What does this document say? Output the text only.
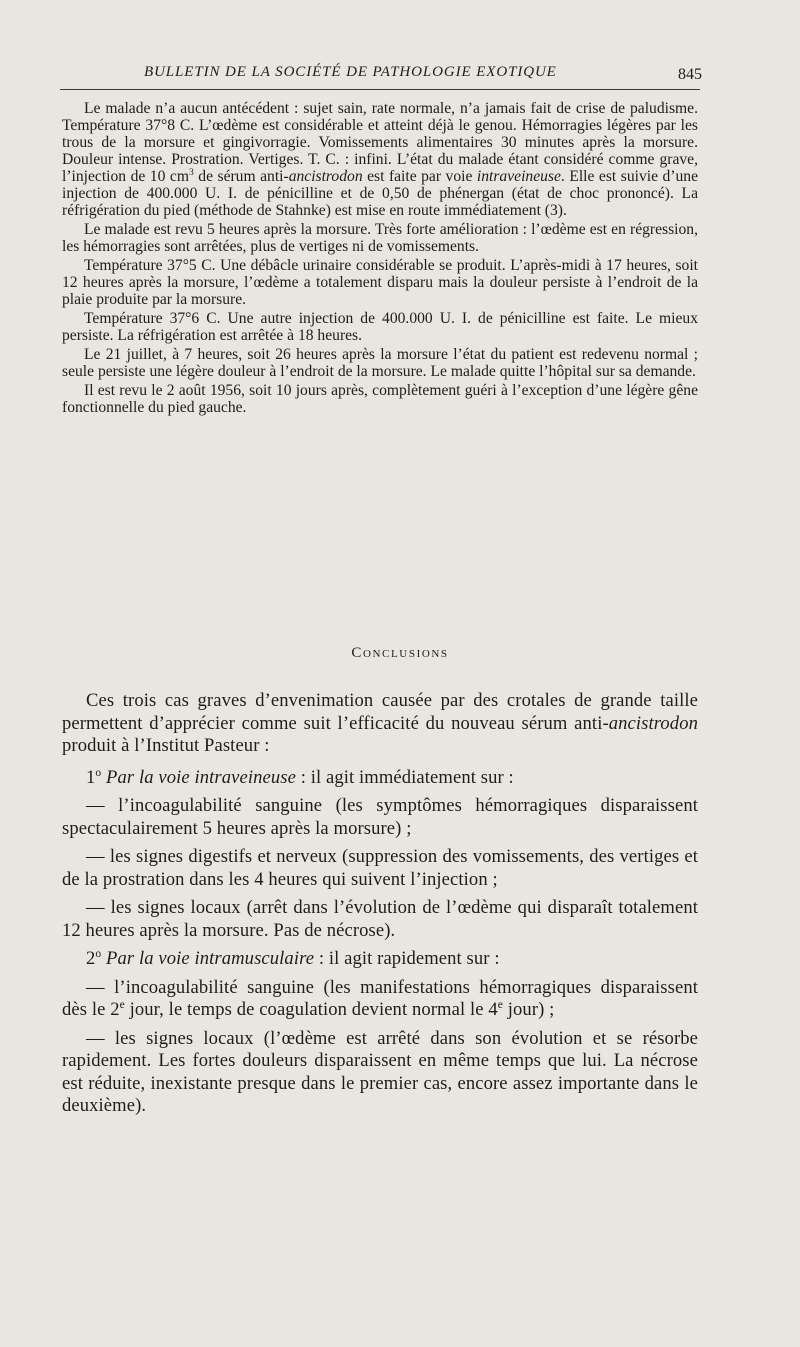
BULLETIN DE LA SOCIÉTÉ DE PATHOLOGIE EXOTIQUE	845

Le malade n’a aucun antécédent : sujet sain, rate normale, n’a jamais fait de crise de paludisme. Température 37°8 C. L’œdème est considérable et atteint déjà le genou. Hémorragies légères par les trous de la morsure et gingivorragie. Vomissements alimentaires 30 minutes après la morsure. Douleur intense. Prostration. Vertiges. T. C. : infini. L’état du malade étant considéré comme grave, l’injection de 10 $cm^3$ de sérum anti-ancistrodon est faite par voie intraveineuse. Elle est suivie d’une injection de 400.000 U. I. de pénicilline et de 0,50 de phénergan (état de choc prononcé). La réfrigération du pied (méthode de Stahnke) est mise en route immédiatement (3).

Le malade est revu 5 heures après la morsure. Très forte amélioration : l’œdème est en régression, les hémorragies sont arrêtées, plus de vertiges ni de vomissements.

Température 37°5 C. Une débâcle urinaire considérable se produit. L’après-midi à 17 heures, soit 12 heures après la morsure, l’œdème a totalement disparu mais la douleur persiste à l’endroit de la plaie produite par la morsure.

Température 37°6 C. Une autre injection de 400.000 U. I. de pénicilline est faite. Le mieux persiste. La réfrigération est arrêtée à 18 heures.

Le 21 juillet, à 7 heures, soit 26 heures après la morsure l’état du patient est redevenu normal ; seule persiste une légère douleur à l’endroit de la morsure. Le malade quitte l’hôpital sur sa demande.

Il est revu le 2 août 1956, soit 10 jours après, complètement guéri à l’exception d’une légère gêne fonctionnelle du pied gauche.

Conclusions

Ces trois cas graves d’envenimation causée par des crotales de grande taille permettent d’apprécier comme suit l’efficacité du nouveau sérum anti-ancistrodon produit à l’Institut Pasteur :

1$^o$ Par la voie intraveineuse : il agit immédiatement sur :

— l’incoagulabilité sanguine (les symptômes hémorragiques disparaissent spectaculairement 5 heures après la morsure) ;

— les signes digestifs et nerveux (suppression des vomissements, des vertiges et de la prostration dans les 4 heures qui suivent l’injection ;

— les signes locaux (arrêt dans l’évolution de l’œdème qui disparaît totalement 12 heures après la morsure. Pas de nécrose).

2$^o$ Par la voie intramusculaire : il agit rapidement sur :

— l’incoagulabilité sanguine (les manifestations hémorragiques disparaissent dès le 2e jour, le temps de coagulation devient normal le 4e jour) ;

— les signes locaux (l’œdème est arrêté dans son évolution et se résorbe rapidement. Les fortes douleurs disparaissent en même temps que lui. La nécrose est réduite, inexistante presque dans le premier cas, encore assez importante dans le deuxième).
